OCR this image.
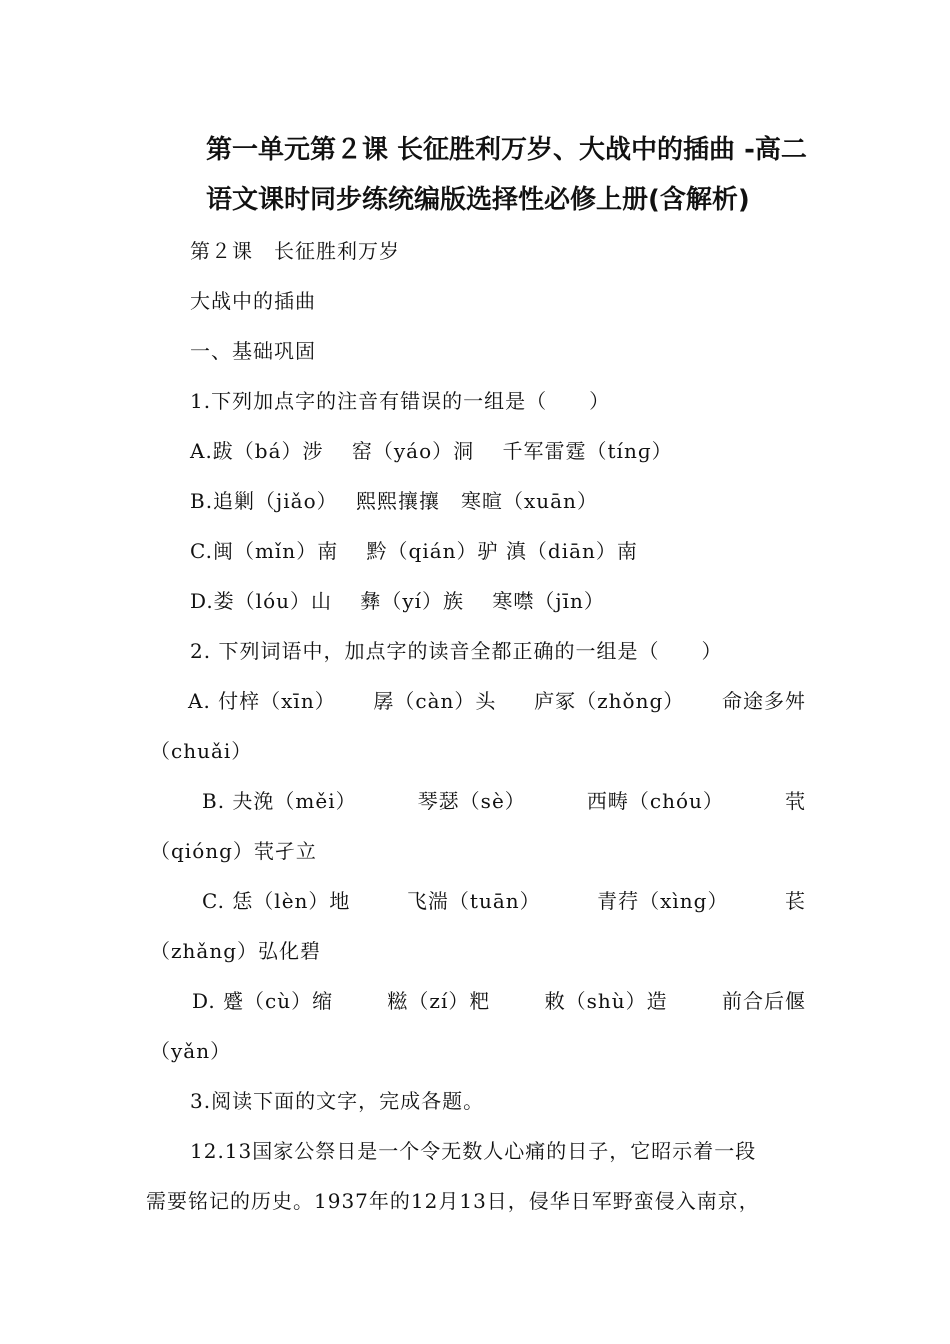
第一单元第２课 长征胜利万岁、大战中的插曲 -高二
语文课时同步练统编版选择性必修上册(含解析)
第２课　长征胜利万岁
大战中的插曲
一、基础巩固
1.下列加点字的注音有错误的一组是（　　）
A.跋（bá）涉　 窑（yáo）洞　 千军雷霆（tínɡ）
B.追剿（jiǎo）　 熙熙攘攘　寒暄（xuān）
C.闽（mǐn）南　 黔（qián）驴 滇（diān）南
D.娄（lóu）山　 彝（yí）族　 寒噤（jīn）
2. 下列词语中，加点字的读音全都正确的一组是（　　）
A. 付梓（xīn） 孱（càn）头 庐冢（zhǒng） 命途多舛
（chuǎi）
B. 夬浼（měi）	琴瑟（sè）	西畴（chóu）	茕
（qióng）茕孑立
C. 恁（lèn）地	飞湍（tuān）	青荇（xìng）	苌
（zhǎng）弘化碧
D. 蹙（cù）缩	糍（zí）粑	敕（shù）造	前合后偃
（yǎn）
3.阅读下面的文字，完成各题。
12.13国家公祭日是一个令无数人心痛的日子，它昭示着一段
需要铭记的历史。1937年的12月13日，侵华日军野蛮侵入南京，
